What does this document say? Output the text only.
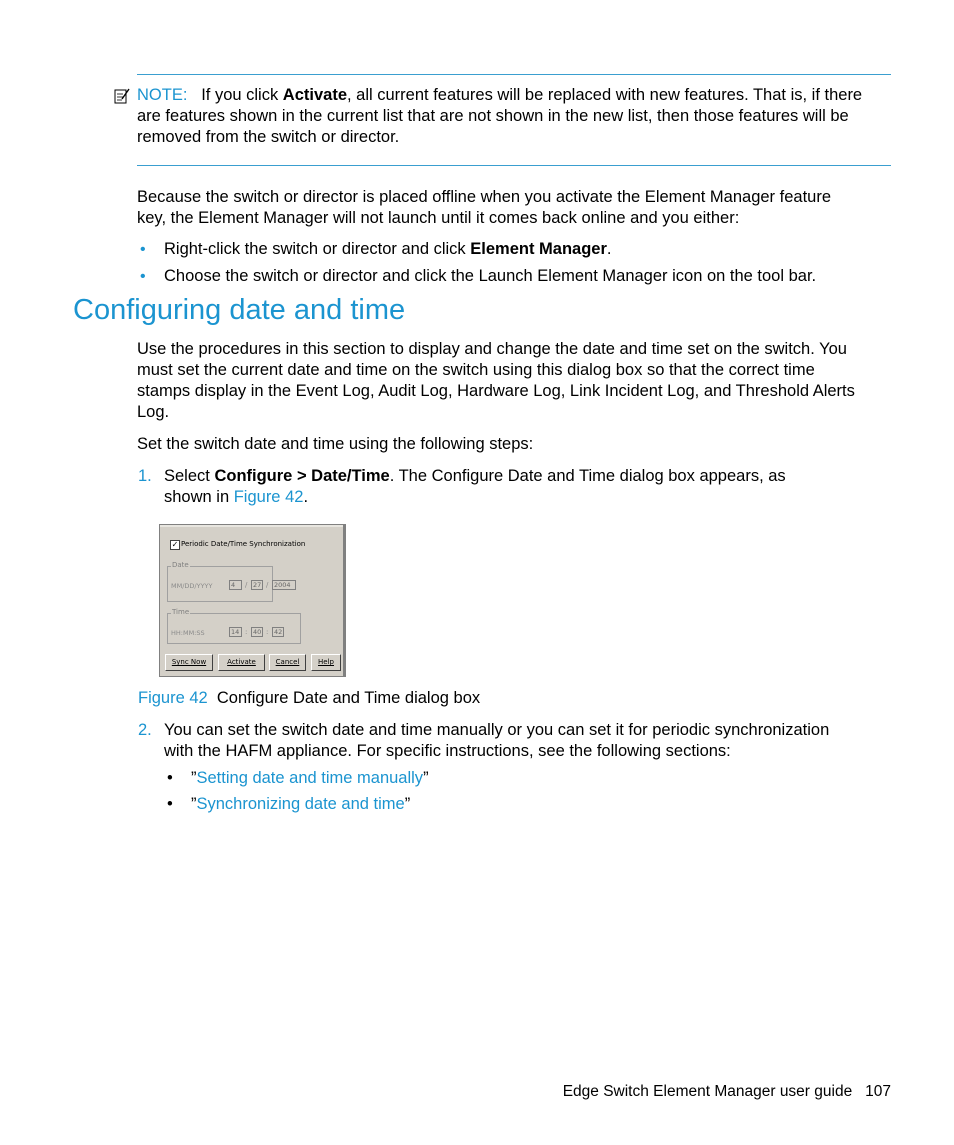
NOTE: If you click Activate, all current features will be replaced with new features. That is, if there
are features shown in the current list that are not shown in the new list, then those features will be
removed from the switch or director.
Because the switch or director is placed offline when you activate the Element Manager feature
key, the Element Manager will not launch until it comes back online and you either:
• Right-click the switch or director and click Element Manager.
• Choose the switch or director and click the Launch Element Manager icon on the tool bar.
Configuring date and time
Use the procedures in this section to display and change the date and time set on the switch. You
must set the current date and time on the switch using this dialog box so that the correct time
stamps display in the Event Log, Audit Log, Hardware Log, Link Incident Log, and Threshold Alerts
Log.
Set the switch date and time using the following steps:
1. Select Configure > Date/Time. The Configure Date and Time dialog box appears, as
shown in Figure 42.
✓ Periodic Date/Time Synchronization
Date
MM/DD/YYYY	4	/ 27 / 2004
Time
HH:MM:SS	14 : 40 : 42
Sync Now	Activate	Cancel	Help
Figure 42 Configure Date and Time dialog box
2. You can set the switch date and time manually or you can set it for periodic synchronization
with the HAFM appliance. For specific instructions, see the following sections:
• ”Setting date and time manually”
• ”Synchronizing date and time”
Edge Switch Element Manager user guide 107
